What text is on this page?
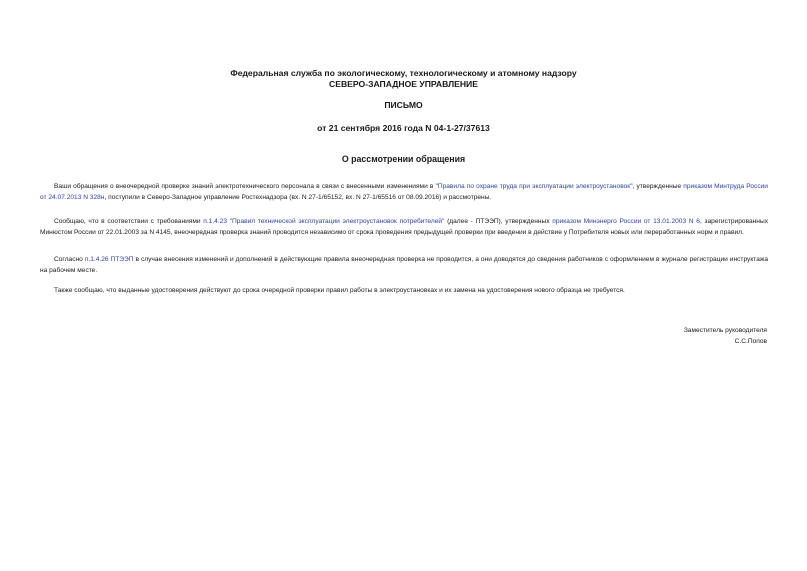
Федеральная служба по экологическому, технологическому и атомному надзору
СЕВЕРО-ЗАПАДНОЕ УПРАВЛЕНИЕ
ПИСЬМО
от 21 сентября 2016 года N 04-1-27/37613
О рассмотрении обращения

Ваши обращения о внеочередной проверке знаний электротехнического персонала в связи с внесенными изменениями в "Правила по охране труда при эксплуатации электроустановок", утвержденные приказом Минтруда России от 24.07.2013 N 328н, поступили в Северо-Западное управление Ростехнадзора (вх. N 27-1/65152, вх. N 27-1/65516 от 08.09.2016) и рассмотрены.

Сообщаю, что в соответствии с требованиями п.1.4.23 "Правил технической эксплуатации электроустановок потребителей" (далее - ПТЭЭП), утвержденных приказом Минэнерго России от 13.01.2003 N 6, зарегистрированных Минюстом России от 22.01.2003 за N 4145, внеочередная проверка знаний проводится независимо от срока проведения предыдущей проверки при введении в действие у Потребителя новых или переработанных норм и правил.

Согласно п.1.4.26 ПТЭЭП в случае внесения изменений и дополнений в действующие правила внеочередная проверка не проводится, а они доводятся до сведения работников с оформлением в журнале регистрации инструктажа на рабочем месте.

Также сообщаю, что выданные удостоверения действуют до срока очередной проверки правил работы в электроустановках и их замена на удостоверения нового образца не требуется.

Заместитель руководителя
С.С.Попов
